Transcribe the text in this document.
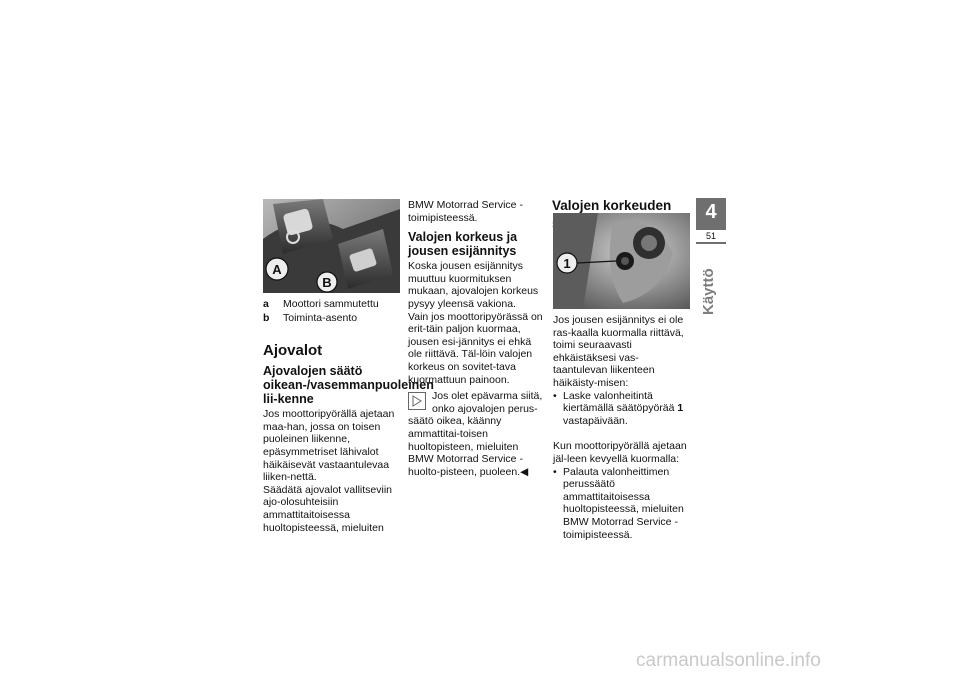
A
B
a	Moottori sammutettu
b	Toiminta-asento

Ajovalot

Ajovalojen säätö oikean-/vasemmanpuoleinen lii-kenne

Jos moottoripyörällä ajetaan maa-han, jossa on toisen puoleinen liikenne, epäsymmetriset lähivalot häikäisevät vastaantulevaa liiken-nettä.

Säädätä ajovalot vallitseviin ajo-olosuhteisiin ammattitaitoisessa huoltopisteessä, mieluiten

BMW Motorrad Service -toimipisteessä.

Valojen korkeus ja jousen esijännitys

Koska jousen esijännitys muuttuu kuormituksen mukaan, ajovalojen korkeus pysyy yleensä vakiona.

Vain jos moottoripyörässä on erit-täin paljon kuormaa, jousen esi-jännitys ei ehkä ole riittävä. Täl-löin valojen korkeus on sovitet-tava kuormattuun painoon.

Jos olet epävarma siitä, onko ajovalojen perus-säätö oikea, käänny ammattitai-toisen huoltopisteen, mieluiten BMW Motorrad Service -huolto-pisteen, puoleen.◀

Valojen korkeuden

1

Jos jousen esijännitys ei ole ras-kaalla kuormalla riittävä, toimi seuraavasti ehkäistäksesi vas-taantulevan liikenteen häikäisty-misen:

• Laske valonheitintä kiertämällä säätöpyörää 1 vastapäivään.

Kun moottoripyörällä ajetaan jäl-leen kevyellä kuormalla:

• Palauta valonheittimen perussäätö ammattitaitoisessa huoltopisteessä, mieluiten BMW Motorrad Service -toimipisteessä.

4
51
Käyttö
carmanualsonline.info
